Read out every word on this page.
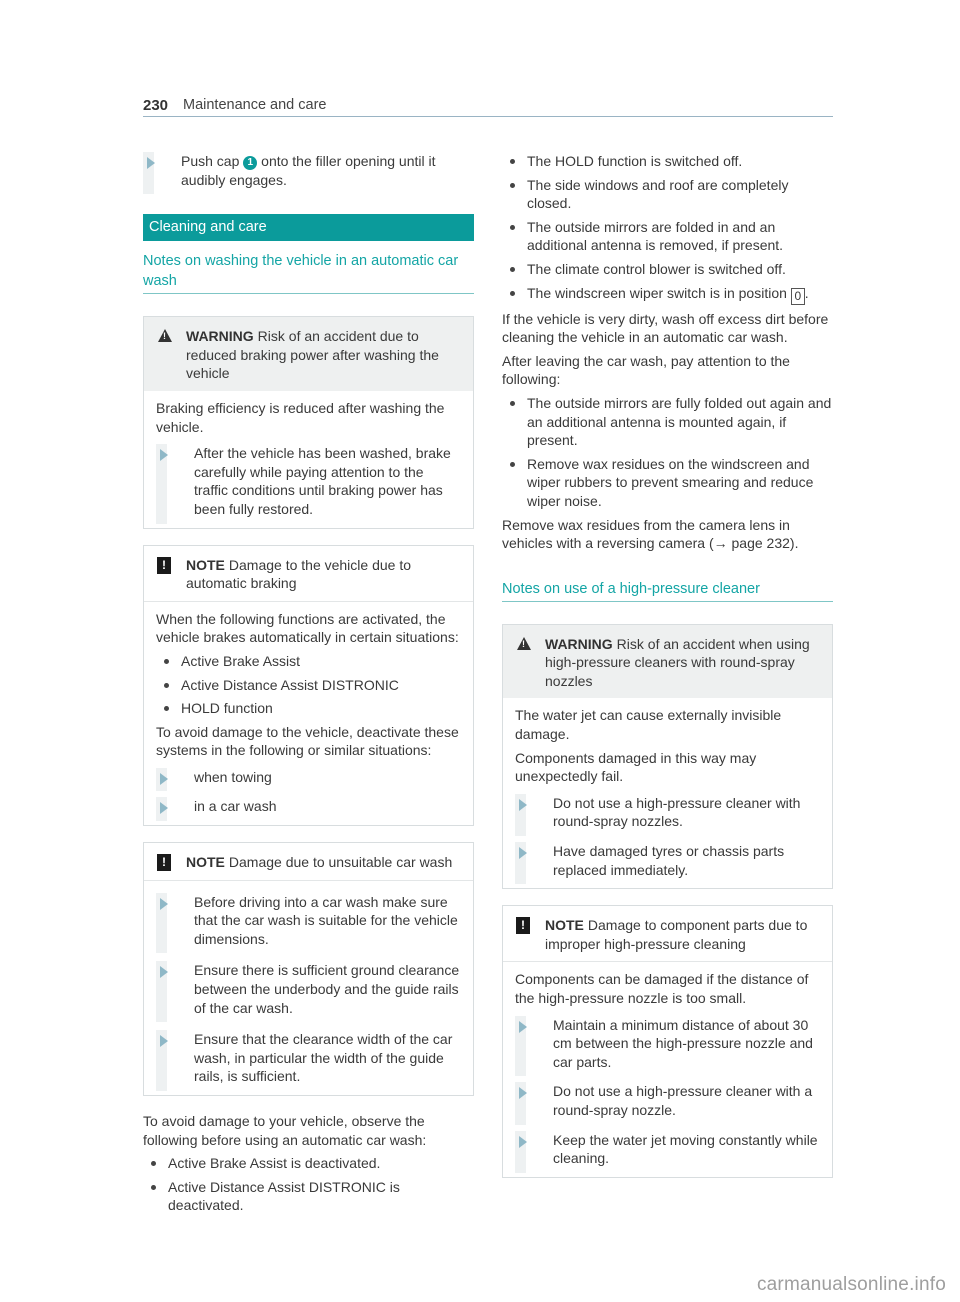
230 Maintenance and care
Push cap 1 onto the filler opening until it audibly engages.
Cleaning and care
Notes on washing the vehicle in an automatic car wash
!
WARNING Risk of an accident due to reduced braking power after washing the vehicle

Braking efficiency is reduced after washing the vehicle.

After the vehicle has been washed, brake carefully while paying attention to the traffic conditions until braking power has been fully restored.
!	NOTE Damage to the vehicle due to automatic braking

When the following functions are activated, the vehicle brakes automatically in certain situations:

Active Brake Assist
Active Distance Assist DISTRONIC
HOLD function

To avoid damage to the vehicle, deactivate these systems in the following or similar situations:

when towing
in a car wash
!	NOTE Damage due to unsuitable car wash
Before driving into a car wash make sure that the car wash is suitable for the vehicle dimensions.
Ensure there is sufficient ground clearance between the underbody and the guide rails of the car wash.
Ensure that the clearance width of the car wash, in particular the width of the guide rails, is sufficient.

To avoid damage to your vehicle, observe the following before using an automatic car wash:

Active Brake Assist is deactivated.
Active Distance Assist DISTRONIC is deactivated.
The HOLD function is switched off.
The side windows and roof are completely closed.
The outside mirrors are folded in and an additional antenna is removed, if present.
The climate control blower is switched off.
The windscreen wiper switch is in position 0 .

If the vehicle is very dirty, wash off excess dirt before cleaning the vehicle in an automatic car wash.

After leaving the car wash, pay attention to the following:

The outside mirrors are fully folded out again and an additional antenna is mounted again, if present.
Remove wax residues on the windscreen and wiper rubbers to prevent smearing and reduce wiper noise.

Remove wax residues from the camera lens in vehicles with a reversing camera (→ page 232).

Notes on use of a high-pressure cleaner
!
WARNING Risk of an accident when using high-pressure cleaners with round-spray nozzles

The water jet can cause externally invisible damage.

Components damaged in this way may unexpectedly fail.

Do not use a high-pressure cleaner with round-spray nozzles.
Have damaged tyres or chassis parts replaced immediately.
!	NOTE Damage to component parts due to improper high-pressure cleaning

Components can be damaged if the distance of the high-pressure nozzle is too small.

Maintain a minimum distance of about 30 cm between the high-pressure nozzle and car parts.
Do not use a high-pressure cleaner with a round-spray nozzle.
Keep the water jet moving constantly while cleaning.
carmanualsonline.info
